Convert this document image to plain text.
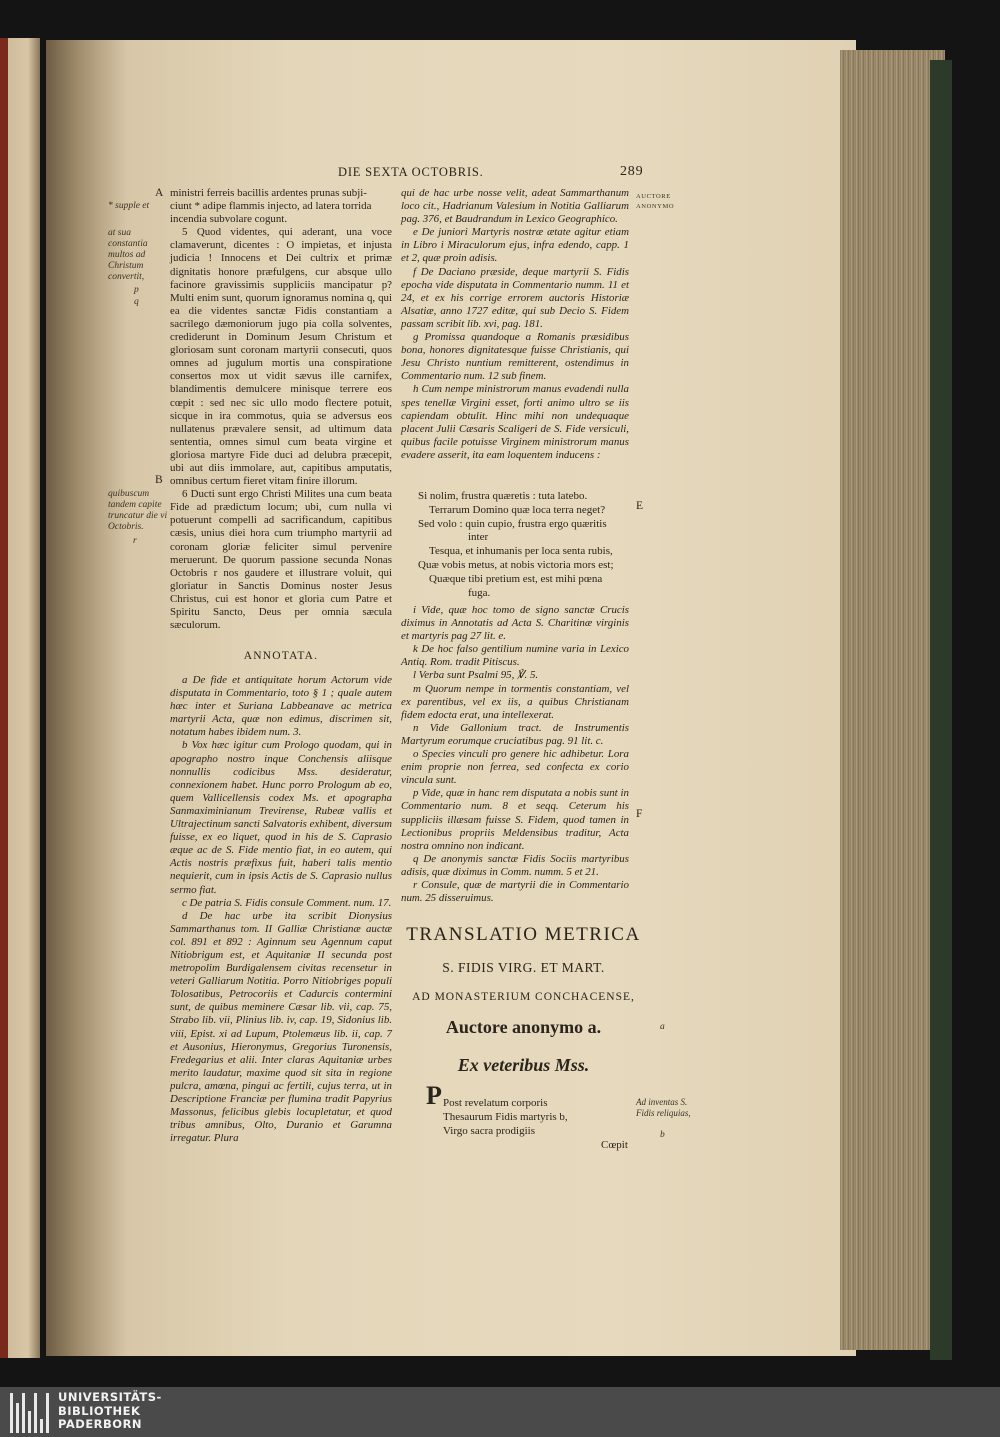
DIE SEXTA OCTOBRIS.	289
A
* supple et
at sua constantia multos ad Christum convertit,
p
q
B
quibuscum tandem capite truncatur die vi Octobris.
r
AUCTORE ANONYMO
E
F
a
Ad inventas S. Fidis reliquias,
b
ministri ferreis bacillis ardentes prunas subji-
ciunt * adipe flammis injecto, ad latera torrida
incendia subvolare cogunt.

5 Quod videntes, qui aderant, una voce clamaverunt, dicentes : O impietas, et injusta judicia ! Innocens et Dei cultrix et primæ dignitatis honore præfulgens, cur absque ullo facinore gravissimis suppliciis mancipatur p? Multi enim sunt, quorum ignoramus nomina q, qui ea die videntes sanctæ Fidis constantiam a sacrilego dæmoniorum jugo pia colla solventes, crediderunt in Dominum Jesum Christum et gloriosam sunt coronam martyrii consecuti, quos omnes ad jugulum mortis una conspiratione consertos mox ut vidit sævus ille carnifex, blandimentis demulcere minisque terrere eos cœpit : sed nec sic ullo modo flectere potuit, sicque in ira commotus, quia se adversus eos nullatenus prævalere sensit, ad ultimum data sententia, omnes simul cum beata virgine et gloriosa martyre Fide duci ad delubra præcepit, ubi aut diis immolare, aut, capitibus amputatis, omnibus certum fieret vitam finire illorum.

6 Ducti sunt ergo Christi Milites una cum beata Fide ad prædictum locum; ubi, cum nulla vi potuerunt compelli ad sacrificandum, capitibus cæsis, unius diei hora cum triumpho martyrii ad coronam gloriæ feliciter simul pervenire meruerunt. De quorum passione secunda Nonas Octobris r nos gaudere et illustrare voluit, qui gloriatur in Sanctis Dominus noster Jesus Christus, cui est honor et gloria cum Patre et Spiritu Sancto, Deus per omnia sæcula sæculorum.

ANNOTATA.

a De fide et antiquitate horum Actorum vide disputata in Commentario, toto § 1 ; quale autem hæc inter et Suriana Labbeanave ac metrica martyrii Acta, quæ non edimus, discrimen sit, notatum habes ibidem num. 3.

b Vox hæc igitur cum Prologo quodam, qui in apographo nostro inque Conchensis aliisque nonnullis codicibus Mss. desideratur, connexionem habet. Hunc porro Prologum ab eo, quem Vallicellensis codex Ms. et apographa Sanmaximinianum Trevirense, Rubeæ vallis et Ultrajectinum sancti Salvatoris exhibent, diversum fuisse, ex eo liquet, quod in his de S. Caprasio æque ac de S. Fide mentio fiat, in eo autem, qui Actis nostris præfixus fuit, haberi talis mentio nequierit, cum in ipsis Actis de S. Caprasio nullus sermo fiat.

c De patria S. Fidis consule Comment. num. 17.

d De hac urbe ita scribit Dionysius Sammarthanus tom. II Galliæ Christianæ auctæ col. 891 et 892 : Aginnum seu Agennum caput Nitiobrigum est, et Aquitaniæ II secunda post metropolim Burdigalensem civitas recensetur in veteri Galliarum Notitia. Porro Nitiobriges populi Tolosatibus, Petrocoriis et Cadurcis contermini sunt, de quibus meminere Cæsar lib. vii, cap. 75, Strabo lib. vii, Plinius lib. iv, cap. 19, Sidonius lib. viii, Epist. xi ad Lupum, Ptolemæus lib. ii, cap. 7 et Ausonius, Hieronymus, Gregorius Turonensis, Fredegarius et alii. Inter claras Aquitaniæ urbes merito laudatur, maxime quod sit sita in regione pulcra, amœna, pingui ac fertili, cujus terra, ut in Descriptione Franciæ per flumina tradit Papyrius Massonus, felicibus glebis locupletatur, et quod tribus amnibus, Olto, Duranio et Garumna irregatur. Plura

qui de hac urbe nosse velit, adeat Sammarthanum loco cit., Hadrianum Valesium in Notitia Galliarum pag. 376, et Baudrandum in Lexico Geographico.

e De juniori Martyris nostræ ætate agitur etiam in Libro i Miraculorum ejus, infra edendo, capp. 1 et 2, quæ proin adisis.

f De Daciano præside, deque martyrii S. Fidis epocha vide disputata in Commentario numm. 11 et 24, et ex his corrige errorem auctoris Historiæ Alsatiæ, anno 1727 editæ, qui sub Decio S. Fidem passam scribit lib. xvi, pag. 181.

g Promissa quandoque a Romanis præsidibus bona, honores dignitatesque fuisse Christianis, qui Jesu Christo nuntium remitterent, ostendimus in Commentario num. 12 sub finem.

h Cum nempe ministrorum manus evadendi nulla spes tenellæ Virgini esset, forti animo ultro se iis capiendam obtulit. Hinc mihi non undequaque placent Julii Cæsaris Scaligeri de S. Fide versiculi, quibus facile potuisse Virginem ministrorum manus evadere asserit, ita eam loquentem inducens :

Si nolim, frustra quæretis : tuta latebo.
Terrarum Domino quæ loca terra neget?
Sed volo : quin cupio, frustra ergo quæritis
inter
Tesqua, et inhumanis per loca senta rubis,
Quæ vobis metus, at nobis victoria mors est;
Quæque tibi pretium est, est mihi pœna
fuga.

i Vide, quæ hoc tomo de signo sanctæ Crucis diximus in Annotatis ad Acta S. Charitinæ virginis et martyris pag 27 lit. e.

k De hoc falso gentilium numine varia in Lexico Antiq. Rom. tradit Pitiscus.

l Verba sunt Psalmi 95, ℣. 5.

m Quorum nempe in tormentis constantiam, vel ex parentibus, vel ex iis, a quibus Christianam fidem edocta erat, una intellexerat.

n Vide Gallonium tract. de Instrumentis Martyrum eorumque cruciatibus pag. 91 lit. c.

o Species vinculi pro genere hic adhibetur. Lora enim proprie non ferrea, sed confecta ex corio vincula sunt.

p Vide, quæ in hanc rem disputata a nobis sunt in Commentario num. 8 et seqq. Ceterum his suppliciis illæsam fuisse S. Fidem, quod tamen in Lectionibus propriis Meldensibus traditur, Acta nostra omnino non indicant.

q De anonymis sanctæ Fidis Sociis martyribus adisis, quæ diximus in Comm. numm. 5 et 21.

r Consule, quæ de martyrii die in Commentario num. 25 disseruimus.

TRANSLATIO METRICA
S. FIDIS VIRG. ET MART.
AD MONASTERIUM CONCHACENSE,
Auctore anonymo a.
Ex veteribus Mss.
P Post revelatum corporis
Thesaurum Fidis martyris b,
Virgo sacra prodigiis
Cœpit
UNIVERSITÄTS-
BIBLIOTHEK
PADERBORN
